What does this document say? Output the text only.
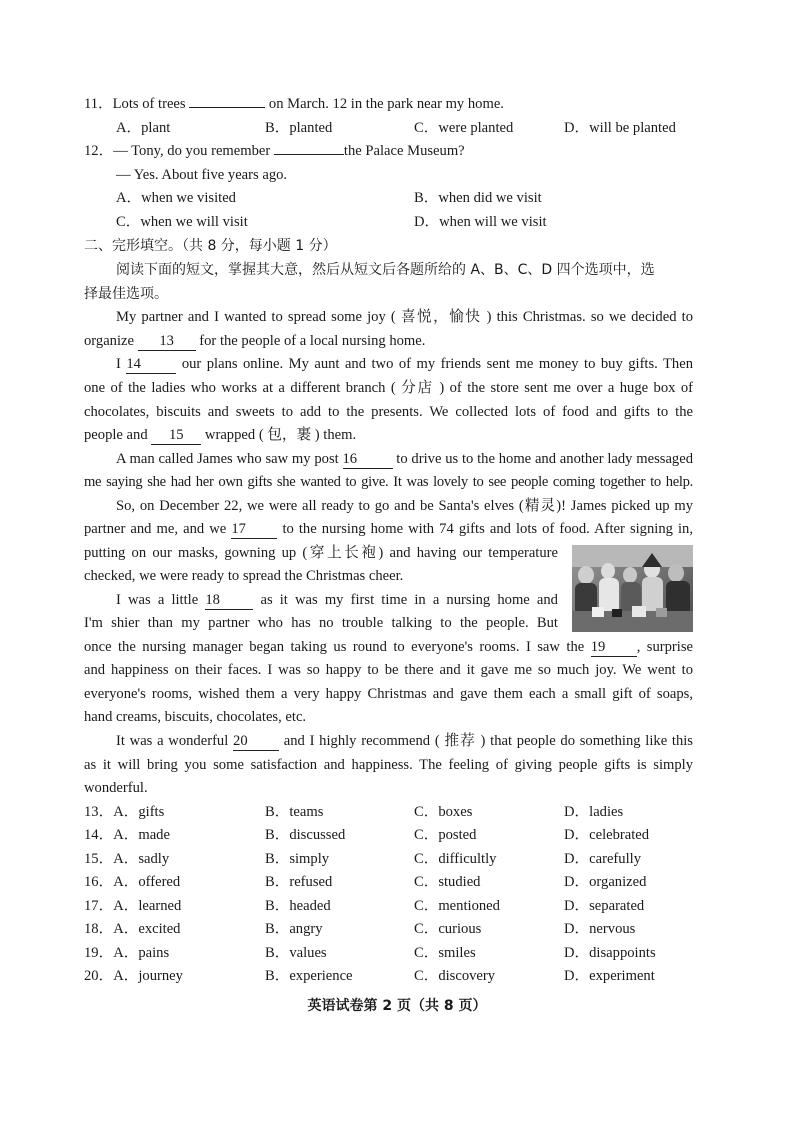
11．Lots of trees	on March. 12 in the park near my home.
A．plant	B．planted	C．were planted	D．will be planted
12．— Tony, do you remember	the Palace Museum?
— Yes. About five years ago.
A．when we visited	B．when did we visit
C．when we will visit	D．when will we visit
二、完形填空。（共 8 分，每小题 1 分）
阅读下面的短文，掌握其大意，然后从短文后各题所给的 A、B、C、D 四个选项中，选
择最佳选项。
My partner and I wanted to spread some joy ( 喜悦，愉快 ) this Christmas. so we decided to
organize 13 for the people of a local nursing home.
I 14 our plans online. My aunt and two of my friends sent me money to buy gifts. Then
one of the ladies who works at a different branch ( 分店 ) of the store sent me over a huge box of
chocolates, biscuits and sweets to add to the presents. We collected lots of food and gifts to the
people and 15 wrapped ( 包，裹 ) them.
A man called James who saw my post 16 to drive us to the home and another lady messaged
me saying she had her own gifts she wanted to give. It was lovely to see people coming together to help.
So, on December 22, we were all ready to go and be Santa's elves (精灵)! James picked up my
partner and me, and we 17 to the nursing home with 74 gifts and lots of food. After signing in,
putting on our masks, gowning up (穿上长袍) and having our temperature
checked, we were ready to spread the Christmas cheer.
I was a little 18 as it was my first time in a nursing home and
I'm shier than my partner who has no trouble talking to the people. But
once the nursing manager began taking us round to everyone's rooms. I saw the 19 , surprise
and happiness on their faces. I was so happy to be there and it gave me so much joy. We went to
everyone's rooms, wished them a very happy Christmas and gave them each a small gift of soaps,
hand creams, biscuits, chocolates, etc.
It was a wonderful 20 and I highly recommend ( 推荐 ) that people do something like this
as it will bring you some satisfaction and happiness. The feeling of giving people gifts is simply
wonderful.
13．A．gifts	B．teams	C．boxes	D．ladies
14．A．made	B．discussed	C．posted	D．celebrated
15．A．sadly	B．simply	C．difficultly	D．carefully
16．A．offered	B．refused	C．studied	D．organized
17．A．learned	B．headed	C．mentioned	D．separated
18．A．excited	B．angry	C．curious	D．nervous
19．A．pains	B．values	C．smiles	D．disappoints
20．A．journey	B．experience	C．discovery	D．experiment
英语试卷第 2 页（共 8 页）
